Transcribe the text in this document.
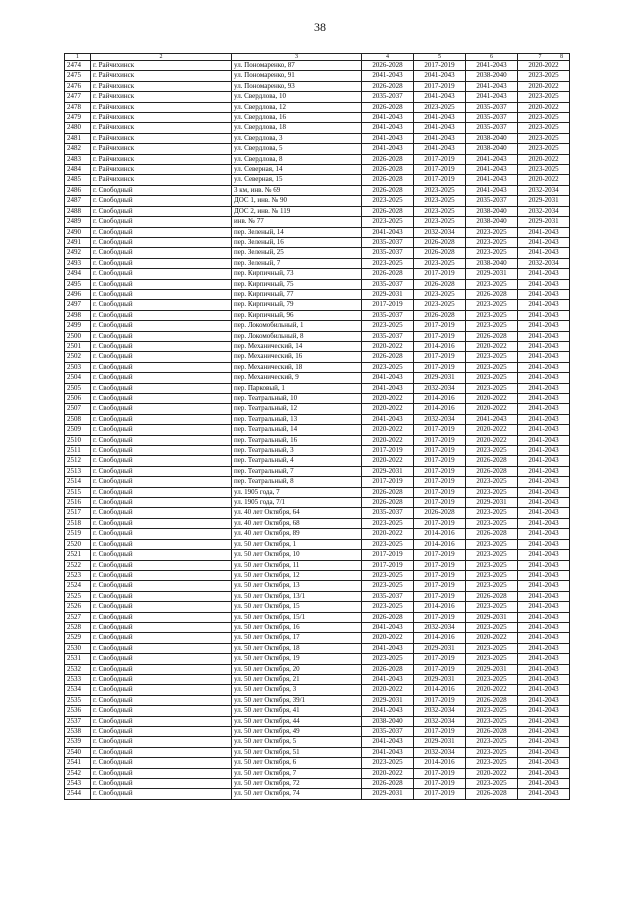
38
1	2	3	4	5	6	7 8

2474	г. Райчихинск	ул. Пономаренко, 87	2026-2028	2017-2019	2041-2043	2020-2022
2475	г. Райчихинск	ул. Пономаренко, 91	2041-2043	2041-2043	2038-2040	2023-2025
2476	г. Райчихинск	ул. Пономаренко, 93	2026-2028	2017-2019	2041-2043	2020-2022
2477	г. Райчихинск	ул. Свердлова, 10	2035-2037	2041-2043	2041-2043	2023-2025
2478	г. Райчихинск	ул. Свердлова, 12	2026-2028	2023-2025	2035-2037	2020-2022
2479	г. Райчихинск	ул. Свердлова, 16	2041-2043	2041-2043	2035-2037	2023-2025
2480	г. Райчихинск	ул. Свердлова, 18	2041-2043	2041-2043	2035-2037	2023-2025
2481	г. Райчихинск	ул. Свердлова, 3	2041-2043	2041-2043	2038-2040	2023-2025
2482	г. Райчихинск	ул. Свердлова, 5	2041-2043	2041-2043	2038-2040	2023-2025
2483	г. Райчихинск	ул. Свердлова, 8	2026-2028	2017-2019	2041-2043	2020-2022
2484	г. Райчихинск	ул. Северная, 14	2026-2028	2017-2019	2041-2043	2023-2025
2485	г. Райчихинск	ул. Северная, 15	2026-2028	2017-2019	2041-2043	2020-2022
2486	г. Свободный	3 км, инв. № 69	2026-2028	2023-2025	2041-2043	2032-2034
2487	г. Свободный	ДОС 1, инв. № 90	2023-2025	2023-2025	2035-2037	2029-2031
2488	г. Свободный	ДОС 2, инв. № 119	2026-2028	2023-2025	2038-2040	2032-2034
2489	г. Свободный	инв. № 77	2023-2025	2023-2025	2038-2040	2029-2031
2490	г. Свободный	пер. Зеленый, 14	2041-2043	2032-2034	2023-2025	2041-2043
2491	г. Свободный	пер. Зеленый, 16	2035-2037	2026-2028	2023-2025	2041-2043
2492	г. Свободный	пер. Зеленый, 25	2035-2037	2026-2028	2023-2025	2041-2043
2493	г. Свободный	пер. Зеленый, 7	2023-2025	2023-2025	2038-2040	2032-2034
2494	г. Свободный	пер. Кирпичный, 73	2026-2028	2017-2019	2029-2031	2041-2043
2495	г. Свободный	пер. Кирпичный, 75	2035-2037	2026-2028	2023-2025	2041-2043
2496	г. Свободный	пер. Кирпичный, 77	2029-2031	2023-2025	2026-2028	2041-2043
2497	г. Свободный	пер. Кирпичный, 79	2017-2019	2023-2025	2023-2025	2041-2043
2498	г. Свободный	пер. Кирпичный, 96	2035-2037	2026-2028	2023-2025	2041-2043
2499	г. Свободный	пер. Локомобильный, 1	2023-2025	2017-2019	2023-2025	2041-2043
2500	г. Свободный	пер. Локомобильный, 8	2035-2037	2017-2019	2026-2028	2041-2043
2501	г. Свободный	пер. Механический, 14	2020-2022	2014-2016	2020-2022	2041-2043
2502	г. Свободный	пер. Механический, 16	2026-2028	2017-2019	2023-2025	2041-2043
2503	г. Свободный	пер. Механический, 18	2023-2025	2017-2019	2023-2025	2041-2043
2504	г. Свободный	пер. Механический, 9	2041-2043	2029-2031	2023-2025	2041-2043
2505	г. Свободный	пер. Парковый, 1	2041-2043	2032-2034	2023-2025	2041-2043
2506	г. Свободный	пер. Театральный, 10	2020-2022	2014-2016	2020-2022	2041-2043
2507	г. Свободный	пер. Театральный, 12	2020-2022	2014-2016	2020-2022	2041-2043
2508	г. Свободный	пер. Театральный, 13	2041-2043	2032-2034	2041-2043	2041-2043
2509	г. Свободный	пер. Театральный, 14	2020-2022	2017-2019	2020-2022	2041-2043
2510	г. Свободный	пер. Театральный, 16	2020-2022	2017-2019	2020-2022	2041-2043
2511	г. Свободный	пер. Театральный, 3	2017-2019	2017-2019	2023-2025	2041-2043
2512	г. Свободный	пер. Театральный, 4	2020-2022	2017-2019	2026-2028	2041-2043
2513	г. Свободный	пер. Театральный, 7	2029-2031	2017-2019	2026-2028	2041-2043
2514	г. Свободный	пер. Театральный, 8	2017-2019	2017-2019	2023-2025	2041-2043
2515	г. Свободный	ул. 1905 года, 7	2026-2028	2017-2019	2023-2025	2041-2043
2516	г. Свободный	ул. 1905 года, 7/1	2026-2028	2017-2019	2029-2031	2041-2043
2517	г. Свободный	ул. 40 лет Октября, 64	2035-2037	2026-2028	2023-2025	2041-2043
2518	г. Свободный	ул. 40 лет Октября, 68	2023-2025	2017-2019	2023-2025	2041-2043
2519	г. Свободный	ул. 40 лет Октября, 89	2020-2022	2014-2016	2026-2028	2041-2043
2520	г. Свободный	ул. 50 лет Октября, 1	2023-2025	2014-2016	2023-2025	2041-2043
2521	г. Свободный	ул. 50 лет Октября, 10	2017-2019	2017-2019	2023-2025	2041-2043
2522	г. Свободный	ул. 50 лет Октября, 11	2017-2019	2017-2019	2023-2025	2041-2043
2523	г. Свободный	ул. 50 лет Октября, 12	2023-2025	2017-2019	2023-2025	2041-2043
2524	г. Свободный	ул. 50 лет Октября, 13	2023-2025	2017-2019	2023-2025	2041-2043
2525	г. Свободный	ул. 50 лет Октября, 13/1	2035-2037	2017-2019	2026-2028	2041-2043
2526	г. Свободный	ул. 50 лет Октября, 15	2023-2025	2014-2016	2023-2025	2041-2043
2527	г. Свободный	ул. 50 лет Октября, 15/1	2026-2028	2017-2019	2029-2031	2041-2043
2528	г. Свободный	ул. 50 лет Октября, 16	2041-2043	2032-2034	2023-2025	2041-2043
2529	г. Свободный	ул. 50 лет Октября, 17	2020-2022	2014-2016	2020-2022	2041-2043
2530	г. Свободный	ул. 50 лет Октября, 18	2041-2043	2029-2031	2023-2025	2041-2043
2531	г. Свободный	ул. 50 лет Октября, 19	2023-2025	2017-2019	2023-2025	2041-2043
2532	г. Свободный	ул. 50 лет Октября, 20	2026-2028	2017-2019	2029-2031	2041-2043
2533	г. Свободный	ул. 50 лет Октября, 21	2041-2043	2029-2031	2023-2025	2041-2043
2534	г. Свободный	ул. 50 лет Октября, 3	2020-2022	2014-2016	2020-2022	2041-2043
2535	г. Свободный	ул. 50 лет Октября, 39/1	2029-2031	2017-2019	2026-2028	2041-2043
2536	г. Свободный	ул. 50 лет Октября, 41	2041-2043	2032-2034	2023-2025	2041-2043
2537	г. Свободный	ул. 50 лет Октября, 44	2038-2040	2032-2034	2023-2025	2041-2043
2538	г. Свободный	ул. 50 лет Октября, 49	2035-2037	2017-2019	2026-2028	2041-2043
2539	г. Свободный	ул. 50 лет Октября, 5	2041-2043	2029-2031	2023-2025	2041-2043
2540	г. Свободный	ул. 50 лет Октября, 51	2041-2043	2032-2034	2023-2025	2041-2043
2541	г. Свободный	ул. 50 лет Октября, 6	2023-2025	2014-2016	2023-2025	2041-2043
2542	г. Свободный	ул. 50 лет Октября, 7	2020-2022	2017-2019	2020-2022	2041-2043
2543	г. Свободный	ул. 50 лет Октября, 72	2026-2028	2017-2019	2023-2025	2041-2043
2544	г. Свободный	ул. 50 лет Октября, 74	2029-2031	2017-2019	2026-2028	2041-2043
